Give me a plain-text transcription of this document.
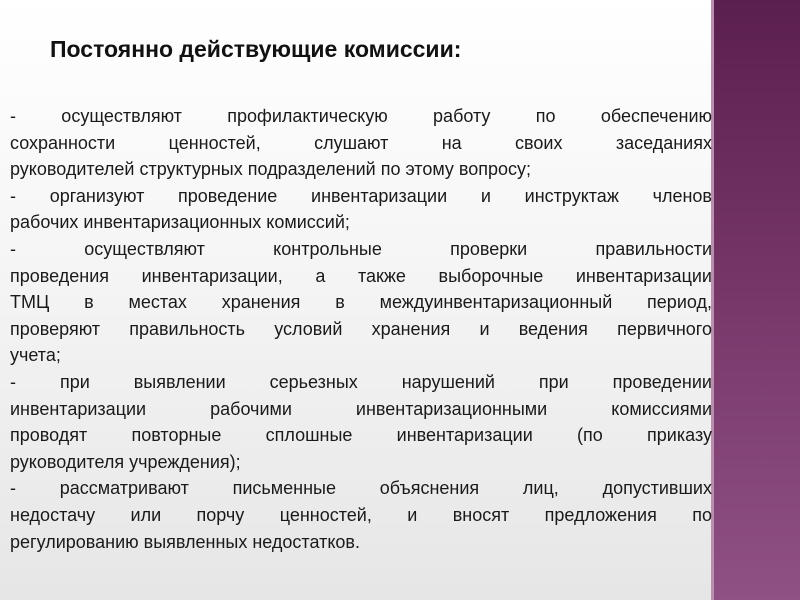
Постоянно действующие комиссии:
- осуществляют профилактическую работу по обеспечению
сохранности ценностей, слушают на своих заседаниях
руководителей структурных подразделений по этому вопросу;
- организуют проведение инвентаризации и инструктаж членов
рабочих инвентаризационных комиссий;
- осуществляют контрольные проверки правильности
проведения инвентаризации, а также выборочные инвентаризации
ТМЦ в местах хранения в междуинвентаризационный период,
проверяют правильность условий хранения и ведения первичного
учета;
- при выявлении серьезных нарушений при проведении
инвентаризации рабочими инвентаризационными комиссиями
проводят повторные сплошные инвентаризации (по приказу
руководителя учреждения);
- рассматривают письменные объяснения лиц, допустивших
недостачу или порчу ценностей, и вносят предложения по
регулированию выявленных недостатков.
